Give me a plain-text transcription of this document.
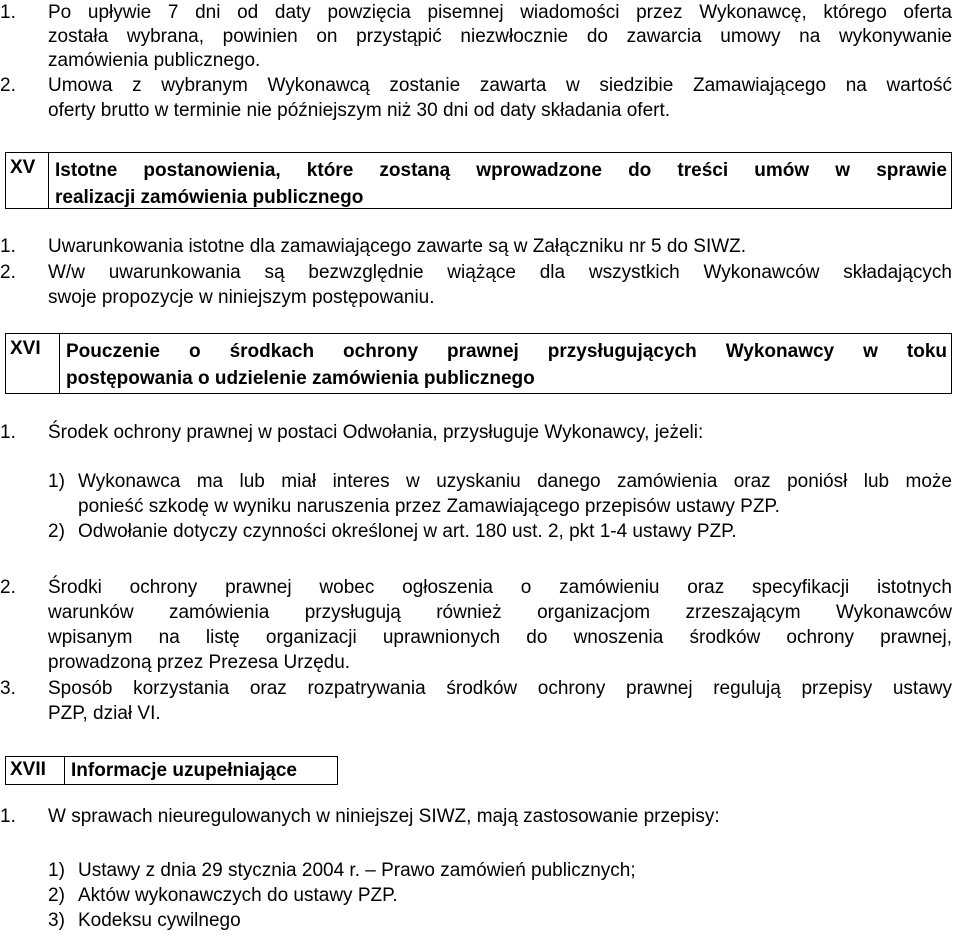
1. Po upływie 7 dni od daty powzięcia pisemnej wiadomości przez Wykonawcę, którego oferta
została wybrana, powinien on przystąpić niezwłocznie do zawarcia umowy na wykonywanie
zamówienia publicznego.
2. Umowa z wybranym Wykonawcą zostanie zawarta w siedzibie Zamawiającego na wartość
oferty brutto w terminie nie późniejszym niż 30 dni od daty składania ofert.
XV	Istotne postanowienia, które zostaną wprowadzone do treści umów w sprawie
realizacji zamówienia publicznego
1. Uwarunkowania istotne dla zamawiającego zawarte są w Załączniku nr 5 do SIWZ.
2. W/w uwarunkowania są bezwzględnie wiążące dla wszystkich Wykonawców składających
swoje propozycje w niniejszym postępowaniu.
XVI	Pouczenie o środkach ochrony prawnej przysługujących Wykonawcy w toku
postępowania o udzielenie zamówienia publicznego
1. Środek ochrony prawnej w postaci Odwołania, przysługuje Wykonawcy, jeżeli:
1) Wykonawca ma lub miał interes w uzyskaniu danego zamówienia oraz poniósł lub może
ponieść szkodę w wyniku naruszenia przez Zamawiającego przepisów ustawy PZP.
2) Odwołanie dotyczy czynności określonej w art. 180 ust. 2, pkt 1-4 ustawy PZP.
2. Środki ochrony prawnej wobec ogłoszenia o zamówieniu oraz specyfikacji istotnych
warunków zamówienia przysługują również organizacjom zrzeszającym Wykonawców
wpisanym na listę organizacji uprawnionych do wnoszenia środków ochrony prawnej,
prowadzoną przez Prezesa Urzędu.
3. Sposób korzystania oraz rozpatrywania środków ochrony prawnej regulują przepisy ustawy
PZP, dział VI.
XVII	Informacje uzupełniające
1. W sprawach nieuregulowanych w niniejszej SIWZ, mają zastosowanie przepisy:
1) Ustawy z dnia 29 stycznia 2004 r. – Prawo zamówień publicznych;
2) Aktów wykonawczych do ustawy PZP.
3) Kodeksu cywilnego
